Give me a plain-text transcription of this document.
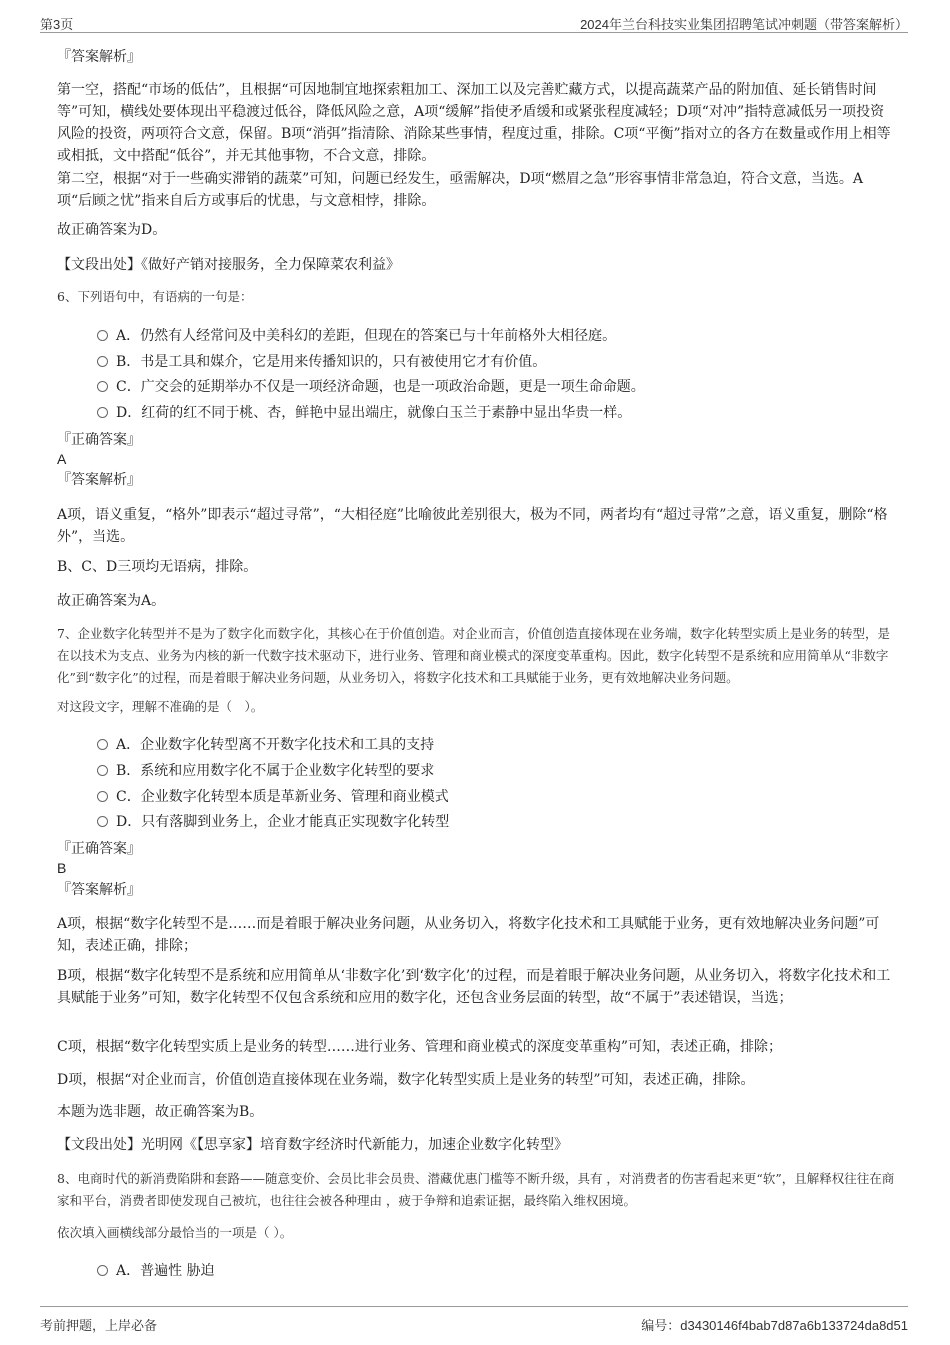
第3页	2024年兰台科技实业集团招聘笔试冲刺题（带答案解析）
『答案解析』
第一空，搭配“市场的低估”，且根据“可因地制宜地探索粗加工、深加工以及完善贮藏方式，以提高蔬菜产品的附加值、延长销售时间等”可知，横线处要体现出平稳渡过低谷，降低风险之意，A项“缓解”指使矛盾缓和或紧张程度减轻；D项“对冲”指特意减低另一项投资风险的投资，两项符合文意，保留。B项“消弭”指清除、消除某些事情，程度过重，排除。C项“平衡”指对立的各方在数量或作用上相等或相抵，文中搭配“低谷”，并无其他事物，不合文意，排除。
第二空，根据“对于一些确实滞销的蔬菜”可知，问题已经发生，亟需解决，D项“燃眉之急”形容事情非常急迫，符合文意，当选。A项“后顾之忧”指来自后方或事后的忧患，与文意相悖，排除。
故正确答案为D。
【文段出处】《做好产销对接服务，全力保障菜农利益》
6、下列语句中，有语病的一句是：
A．仍然有人经常问及中美科幻的差距，但现在的答案已与十年前格外大相径庭。
B．书是工具和媒介，它是用来传播知识的，只有被使用它才有价值。
C．广交会的延期举办不仅是一项经济命题，也是一项政治命题，更是一项生命命题。
D．红荷的红不同于桃、杏，鲜艳中显出端庄，就像白玉兰于素静中显出华贵一样。
『正确答案』
A
『答案解析』
A项，语义重复，“格外”即表示“超过寻常”，“大相径庭”比喻彼此差别很大，极为不同，两者均有“超过寻常”之意，语义重复，删除“格外”，当选。
B、C、D三项均无语病，排除。
故正确答案为A。
7、企业数字化转型并不是为了数字化而数字化，其核心在于价值创造。对企业而言，价值创造直接体现在业务端，数字化转型实质上是业务的转型，是在以技术为支点、业务为内核的新一代数字技术驱动下，进行业务、管理和商业模式的深度变革重构。因此，数字化转型不是系统和应用简单从“非数字化”到“数字化”的过程，而是着眼于解决业务问题，从业务切入，将数字化技术和工具赋能于业务，更有效地解决业务问题。
对这段文字，理解不准确的是（　）。
A．企业数字化转型离不开数字化技术和工具的支持
B．系统和应用数字化不属于企业数字化转型的要求
C．企业数字化转型本质是革新业务、管理和商业模式
D．只有落脚到业务上，企业才能真正实现数字化转型
『正确答案』
B
『答案解析』
A项，根据“数字化转型不是……而是着眼于解决业务问题，从业务切入，将数字化技术和工具赋能于业务，更有效地解决业务问题”可知，表述正确，排除；
B项，根据“数字化转型不是系统和应用简单从‘非数字化’到‘数字化’的过程，而是着眼于解决业务问题，从业务切入，将数字化技术和工具赋能于业务”可知，数字化转型不仅包含系统和应用的数字化，还包含业务层面的转型，故“不属于”表述错误，当选；
C项，根据“数字化转型实质上是业务的转型……进行业务、管理和商业模式的深度变革重构”可知，表述正确，排除；
D项，根据“对企业而言，价值创造直接体现在业务端，数字化转型实质上是业务的转型”可知，表述正确，排除。
本题为选非题，故正确答案为B。
【文段出处】光明网《【思享家】培育数字经济时代新能力，加速企业数字化转型》
8、电商时代的新消费陷阱和套路——随意变价、会员比非会员贵、潜藏优惠门槛等不断升级，具有 ，对消费者的伤害看起来更“软”，且解释权往往在商家和平台，消费者即使发现自己被坑，也往往会被各种理由 ，疲于争辩和追索证据，最终陷入维权困境。
依次填入画横线部分最恰当的一项是（ ）。
A．普遍性 胁迫
考前押题，上岸必备	编号：d3430146f4bab7d87a6b133724da8d51
